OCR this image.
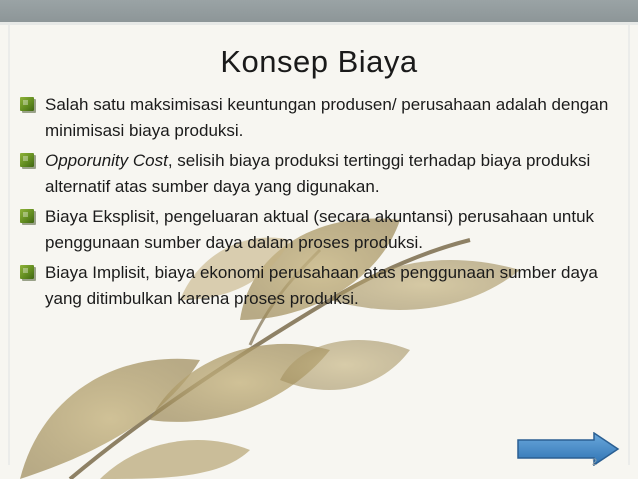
Konsep Biaya
Salah satu maksimisasi keuntungan produsen/ perusahaan adalah dengan minimisasi biaya produksi.
Opporunity Cost, selisih biaya produksi tertinggi terhadap biaya produksi alternatif atas sumber daya yang digunakan.
Biaya Eksplisit, pengeluaran aktual (secara akuntansi) perusahaan untuk penggunaan sumber daya dalam proses produksi.
Biaya Implisit, biaya ekonomi perusahaan atas penggunaan sumber daya yang ditimbulkan karena proses produksi.
2
